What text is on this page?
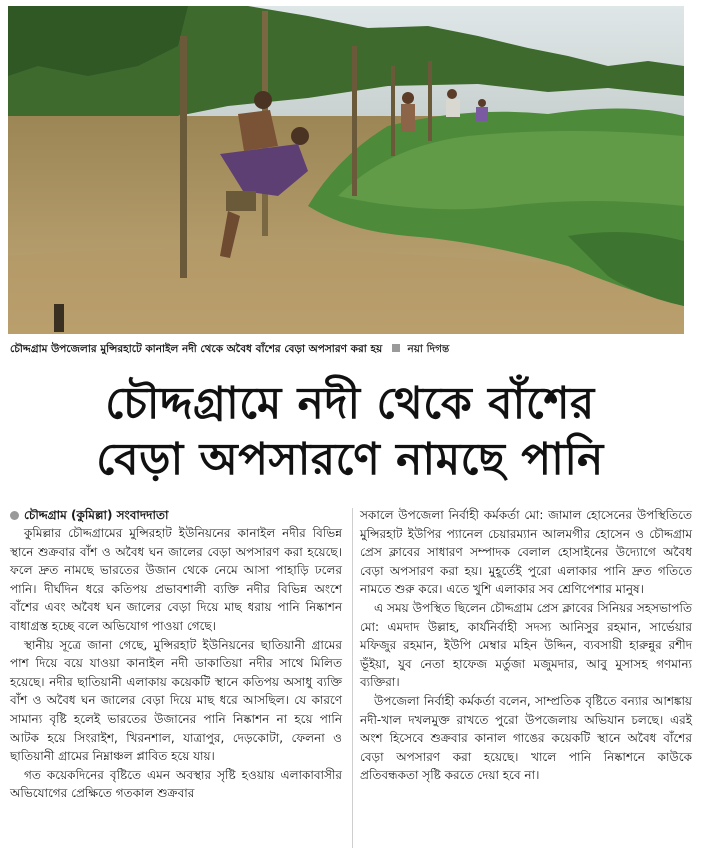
চৌদ্দগ্রাম উপজেলার মুন্সিরহাটে কানাইল নদী থেকে অবৈধ বাঁশের বেড়া অপসারণ করা হয় নয়া দিগন্ত
চৌদ্দগ্রামে নদী থেকে বাঁশের
বেড়া অপসারণে নামছে পানি

চৌদ্দগ্রাম (কুমিল্লা) সংবাদদাতা

কুমিল্লার চৌদ্দগ্রামের মুন্সিরহাট ইউনিয়নের কানাইল নদীর বিভিন্ন স্থানে শুক্রবার বাঁশ ও অবৈধ ঘন জালের বেড়া অপসারণ করা হয়েছে। ফলে দ্রুত নামছে ভারতের উজান থেকে নেমে আসা পাহাড়ি ঢলের পানি। দীর্ঘদিন ধরে কতিপয় প্রভাবশালী ব্যক্তি নদীর বিভিন্ন অংশে বাঁশের এবং অবৈধ ঘন জালের বেড়া দিয়ে মাছ ধরায় পানি নিষ্কাশন বাধাগ্রস্ত হচ্ছে বলে অভিযোগ পাওয়া গেছে।

স্থানীয় সূত্রে জানা গেছে, মুন্সিরহাট ইউনিয়নের ছাতিয়ানী গ্রামের পাশ দিয়ে বয়ে যাওয়া কানাইল নদী ডাকাতিয়া নদীর সাথে মিলিত হয়েছে। নদীর ছাতিয়ানী এলাকায় কয়েকটি স্থানে কতিপয় অসাধু ব্যক্তি বাঁশ ও অবৈধ ঘন জালের বেড়া দিয়ে মাছ ধরে আসছিল। যে কারণে সামান্য বৃষ্টি হলেই ভারতের উজানের পানি নিষ্কাশন না হয়ে পানি আটক হয়ে সিংরাইশ, খিরনশাল, যাত্রাপুর, দেড়কোটা, ফেলনা ও ছাতিয়ানী গ্রামের নিম্নাঞ্চল প্লাবিত হয়ে যায়।

গত কয়েকদিনের বৃষ্টিতে এমন অবস্থার সৃষ্টি হওয়ায় এলাকাবাসীর অভিযোগের প্রেক্ষিতে গতকাল শুক্রবার

সকালে উপজেলা নির্বাহী কর্মকর্তা মো: জামাল হোসেনের উপস্থিতিতে মুন্সিরহাট ইউপির প্যানেল চেয়ারম্যান আলমগীর হোসেন ও চৌদ্দগ্রাম প্রেস ক্লাবের সাধারণ সম্পাদক বেলাল হোসাইনের উদ্যোগে অবৈধ বেড়া অপসারণ করা হয়। মুহূর্তেই পুরো এলাকার পানি দ্রুত গতিতে নামতে শুরু করে। এতে খুশি এলাকার সব শ্রেণিপেশার মানুষ।

এ সময় উপস্থিত ছিলেন চৌদ্দগ্রাম প্রেস ক্লাবের সিনিয়র সহসভাপতি মো: এমদাদ উল্লাহ, কার্যনির্বাহী সদস্য আনিসুর রহমান, সার্ভেয়ার মফিজুর রহমান, ইউপি মেম্বার মহিন উদ্দিন, ব্যবসায়ী হারুন্নুর রশীদ ভূঁইয়া, যুব নেতা হাফেজ মর্তুজা মজুমদার, আবু মুসাসহ গণমান্য ব্যক্তিরা।

উপজেলা নির্বাহী কর্মকর্তা বলেন, সাম্প্রতিক বৃষ্টিতে বন্যার আশঙ্কায় নদী-খাল দখলমুক্ত রাখতে পুরো উপজেলায় অভিযান চলছে। এরই অংশ হিসেবে শুক্রবার কানাল গাঙের কয়েকটি স্থানে অবৈধ বাঁশের বেড়া অপসারণ করা হয়েছে। খালে পানি নিষ্কাশনে কাউকে প্রতিবন্ধকতা সৃষ্টি করতে দেয়া হবে না।
